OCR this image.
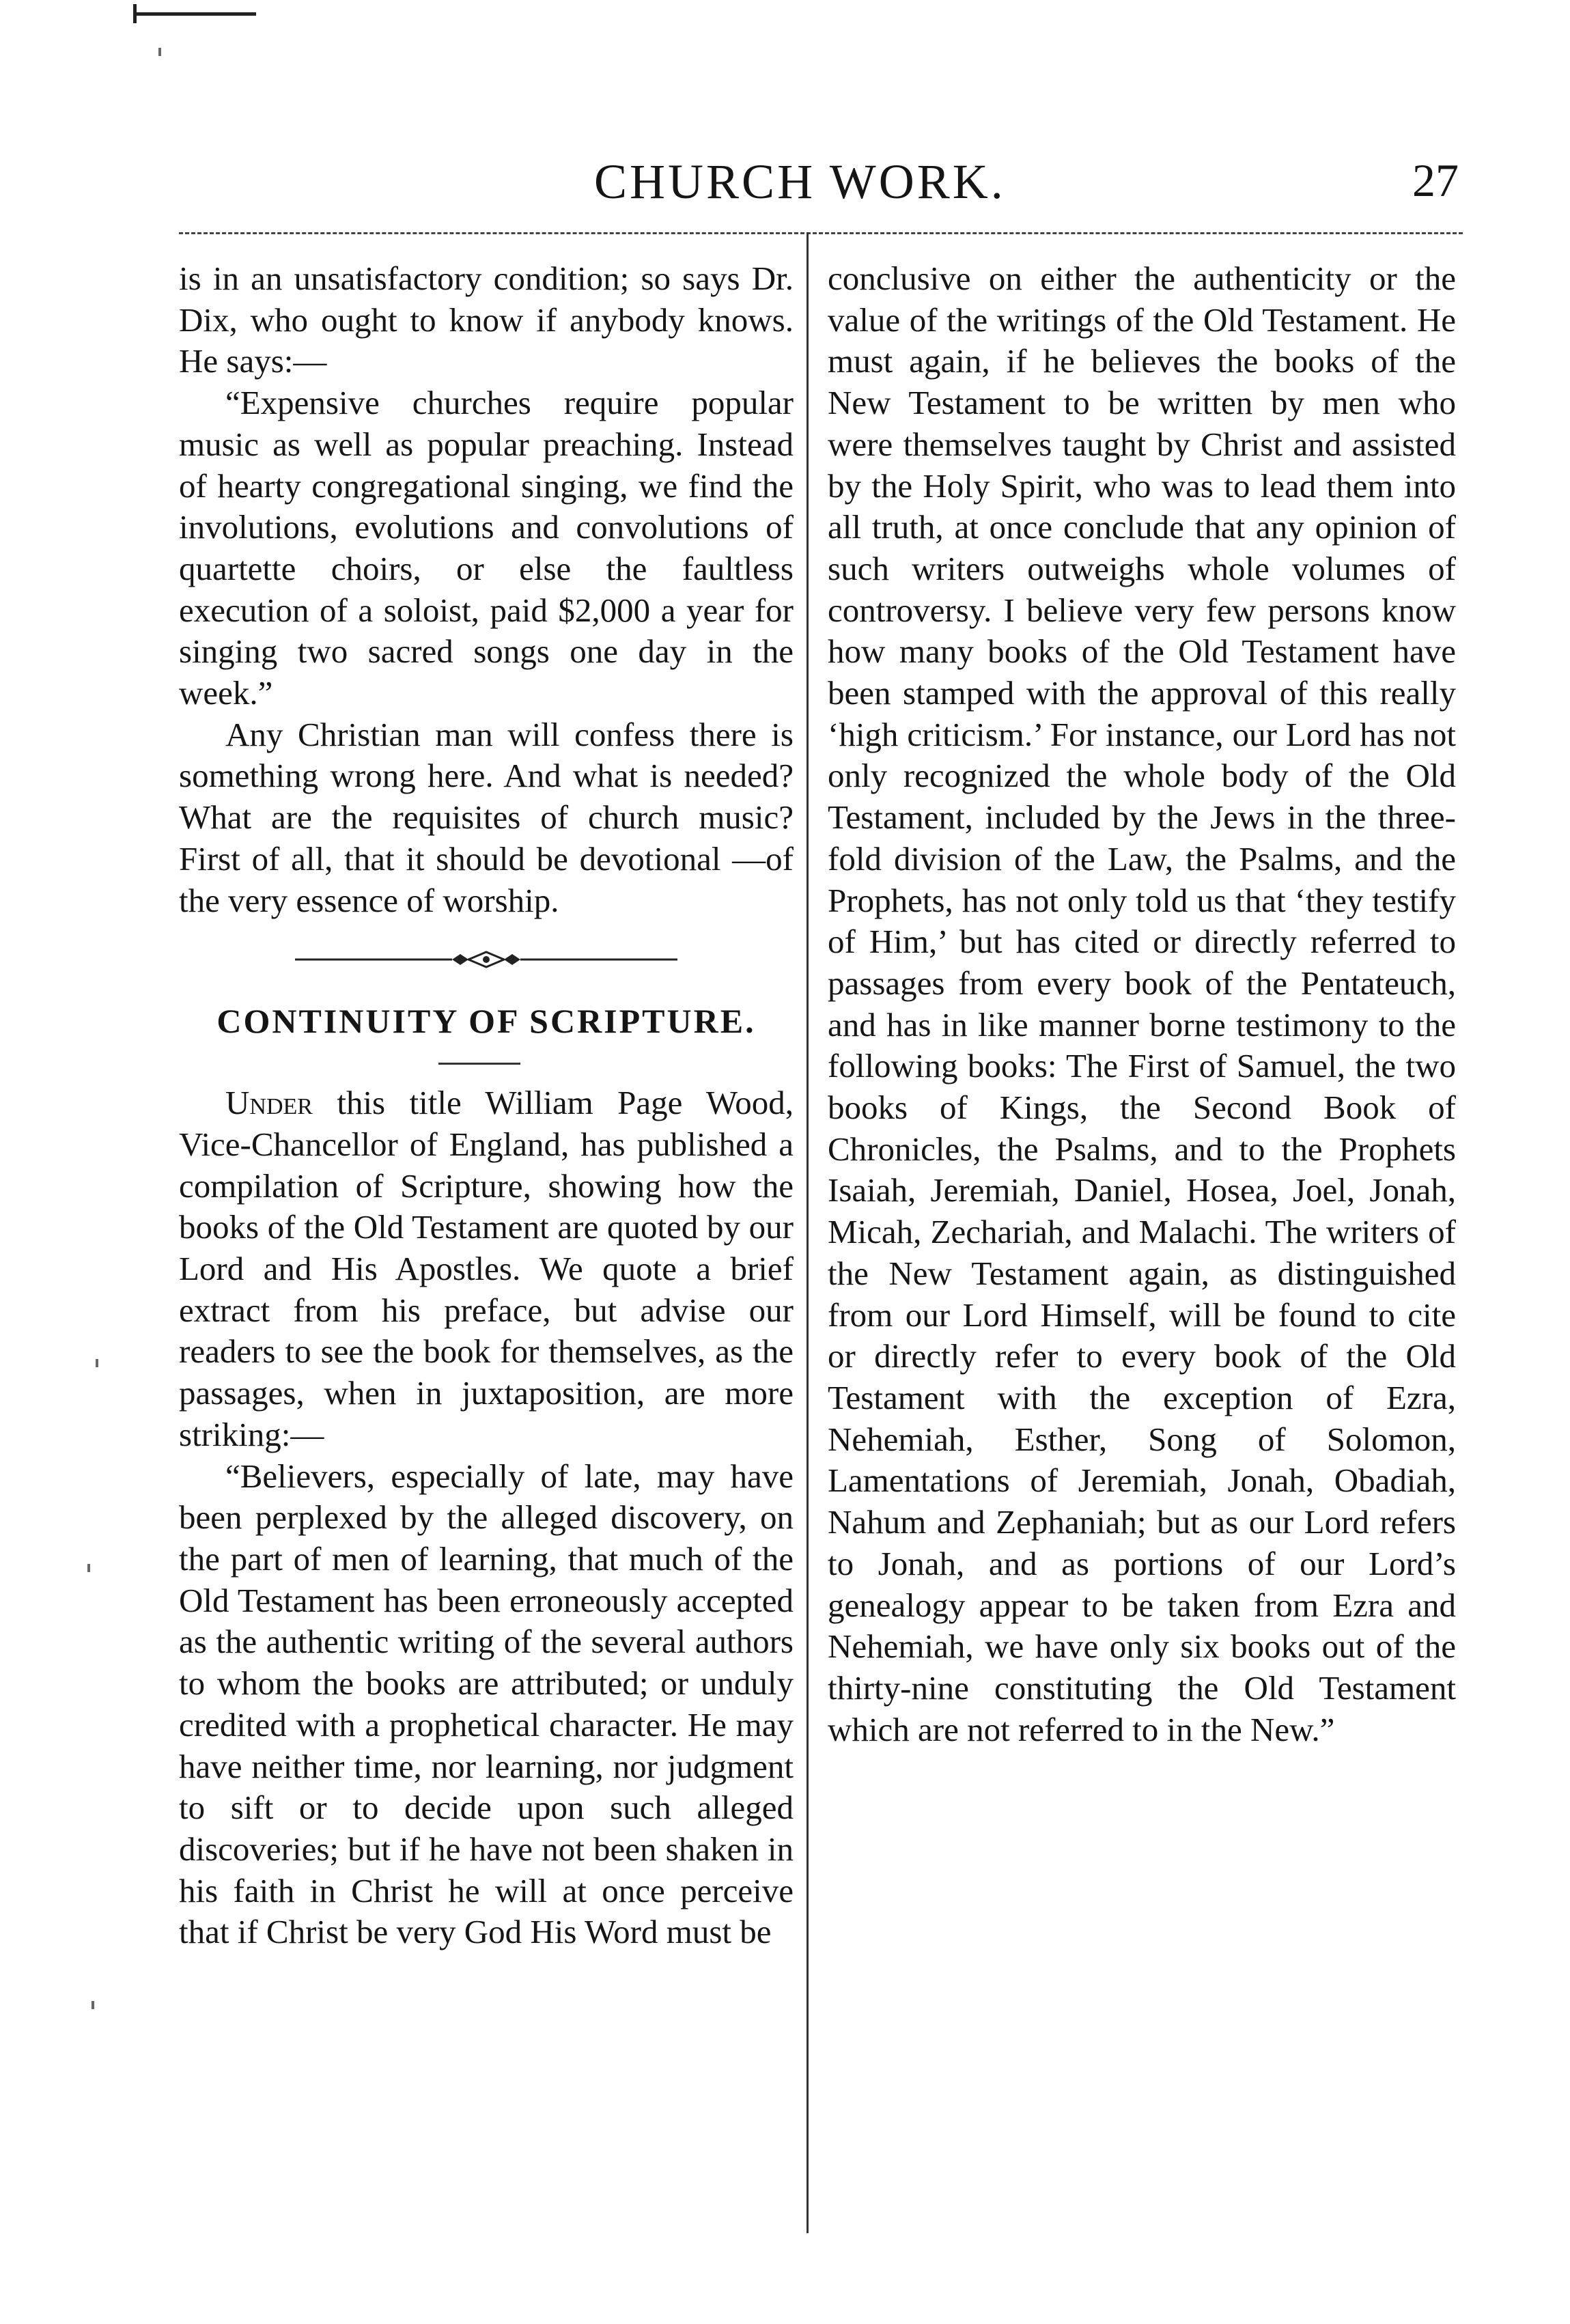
CHURCH WORK.	27

is in an unsatisfactory condition; so says Dr. Dix, who ought to know if anybody knows. He says:—

“Expensive churches require popular music as well as popular preaching. Instead of hearty congregational singing, we find the involutions, evolutions and convolutions of quartette choirs, or else the faultless execution of a soloist, paid $2,000 a year for singing two sacred songs one day in the week.”

Any Christian man will confess there is something wrong here. And what is needed? What are the requisites of church music? First of all, that it should be devotional —of the very essence of worship.

CONTINUITY OF SCRIPTURE.

Under this title William Page Wood, Vice-Chancellor of England, has published a compilation of Scripture, showing how the books of the Old Testament are quoted by our Lord and His Apostles. We quote a brief extract from his preface, but advise our readers to see the book for themselves, as the passages, when in juxtaposition, are more striking:—

“Believers, especially of late, may have been perplexed by the alleged discovery, on the part of men of learning, that much of the Old Testament has been erroneously accepted as the authentic writing of the several authors to whom the books are attributed; or unduly credited with a prophetical character. He may have neither time, nor learning, nor judgment to sift or to decide upon such alleged discoveries; but if he have not been shaken in his faith in Christ he will at once perceive that if Christ be very God His Word must be

conclusive on either the authenticity or the value of the writings of the Old Testament. He must again, if he believes the books of the New Testament to be written by men who were themselves taught by Christ and assisted by the Holy Spirit, who was to lead them into all truth, at once conclude that any opinion of such writers outweighs whole volumes of controversy. I believe very few persons know how many books of the Old Testament have been stamped with the approval of this really ‘high criticism.’ For instance, our Lord has not only recognized the whole body of the Old Testament, included by the Jews in the three-fold division of the Law, the Psalms, and the Prophets, has not only told us that ‘they testify of Him,’ but has cited or directly referred to passages from every book of the Pentateuch, and has in like manner borne testimony to the following books: The First of Samuel, the two books of Kings, the Second Book of Chronicles, the Psalms, and to the Prophets Isaiah, Jeremiah, Daniel, Hosea, Joel, Jonah, Micah, Zechariah, and Malachi. The writers of the New Testament again, as distinguished from our Lord Himself, will be found to cite or directly refer to every book of the Old Testament with the exception of Ezra, Nehemiah, Esther, Song of Solomon, Lamentations of Jeremiah, Jonah, Obadiah, Nahum and Zephaniah; but as our Lord refers to Jonah, and as portions of our Lord’s genealogy appear to be taken from Ezra and Nehemiah, we have only six books out of the thirty-nine constituting the Old Testament which are not referred to in the New.”
